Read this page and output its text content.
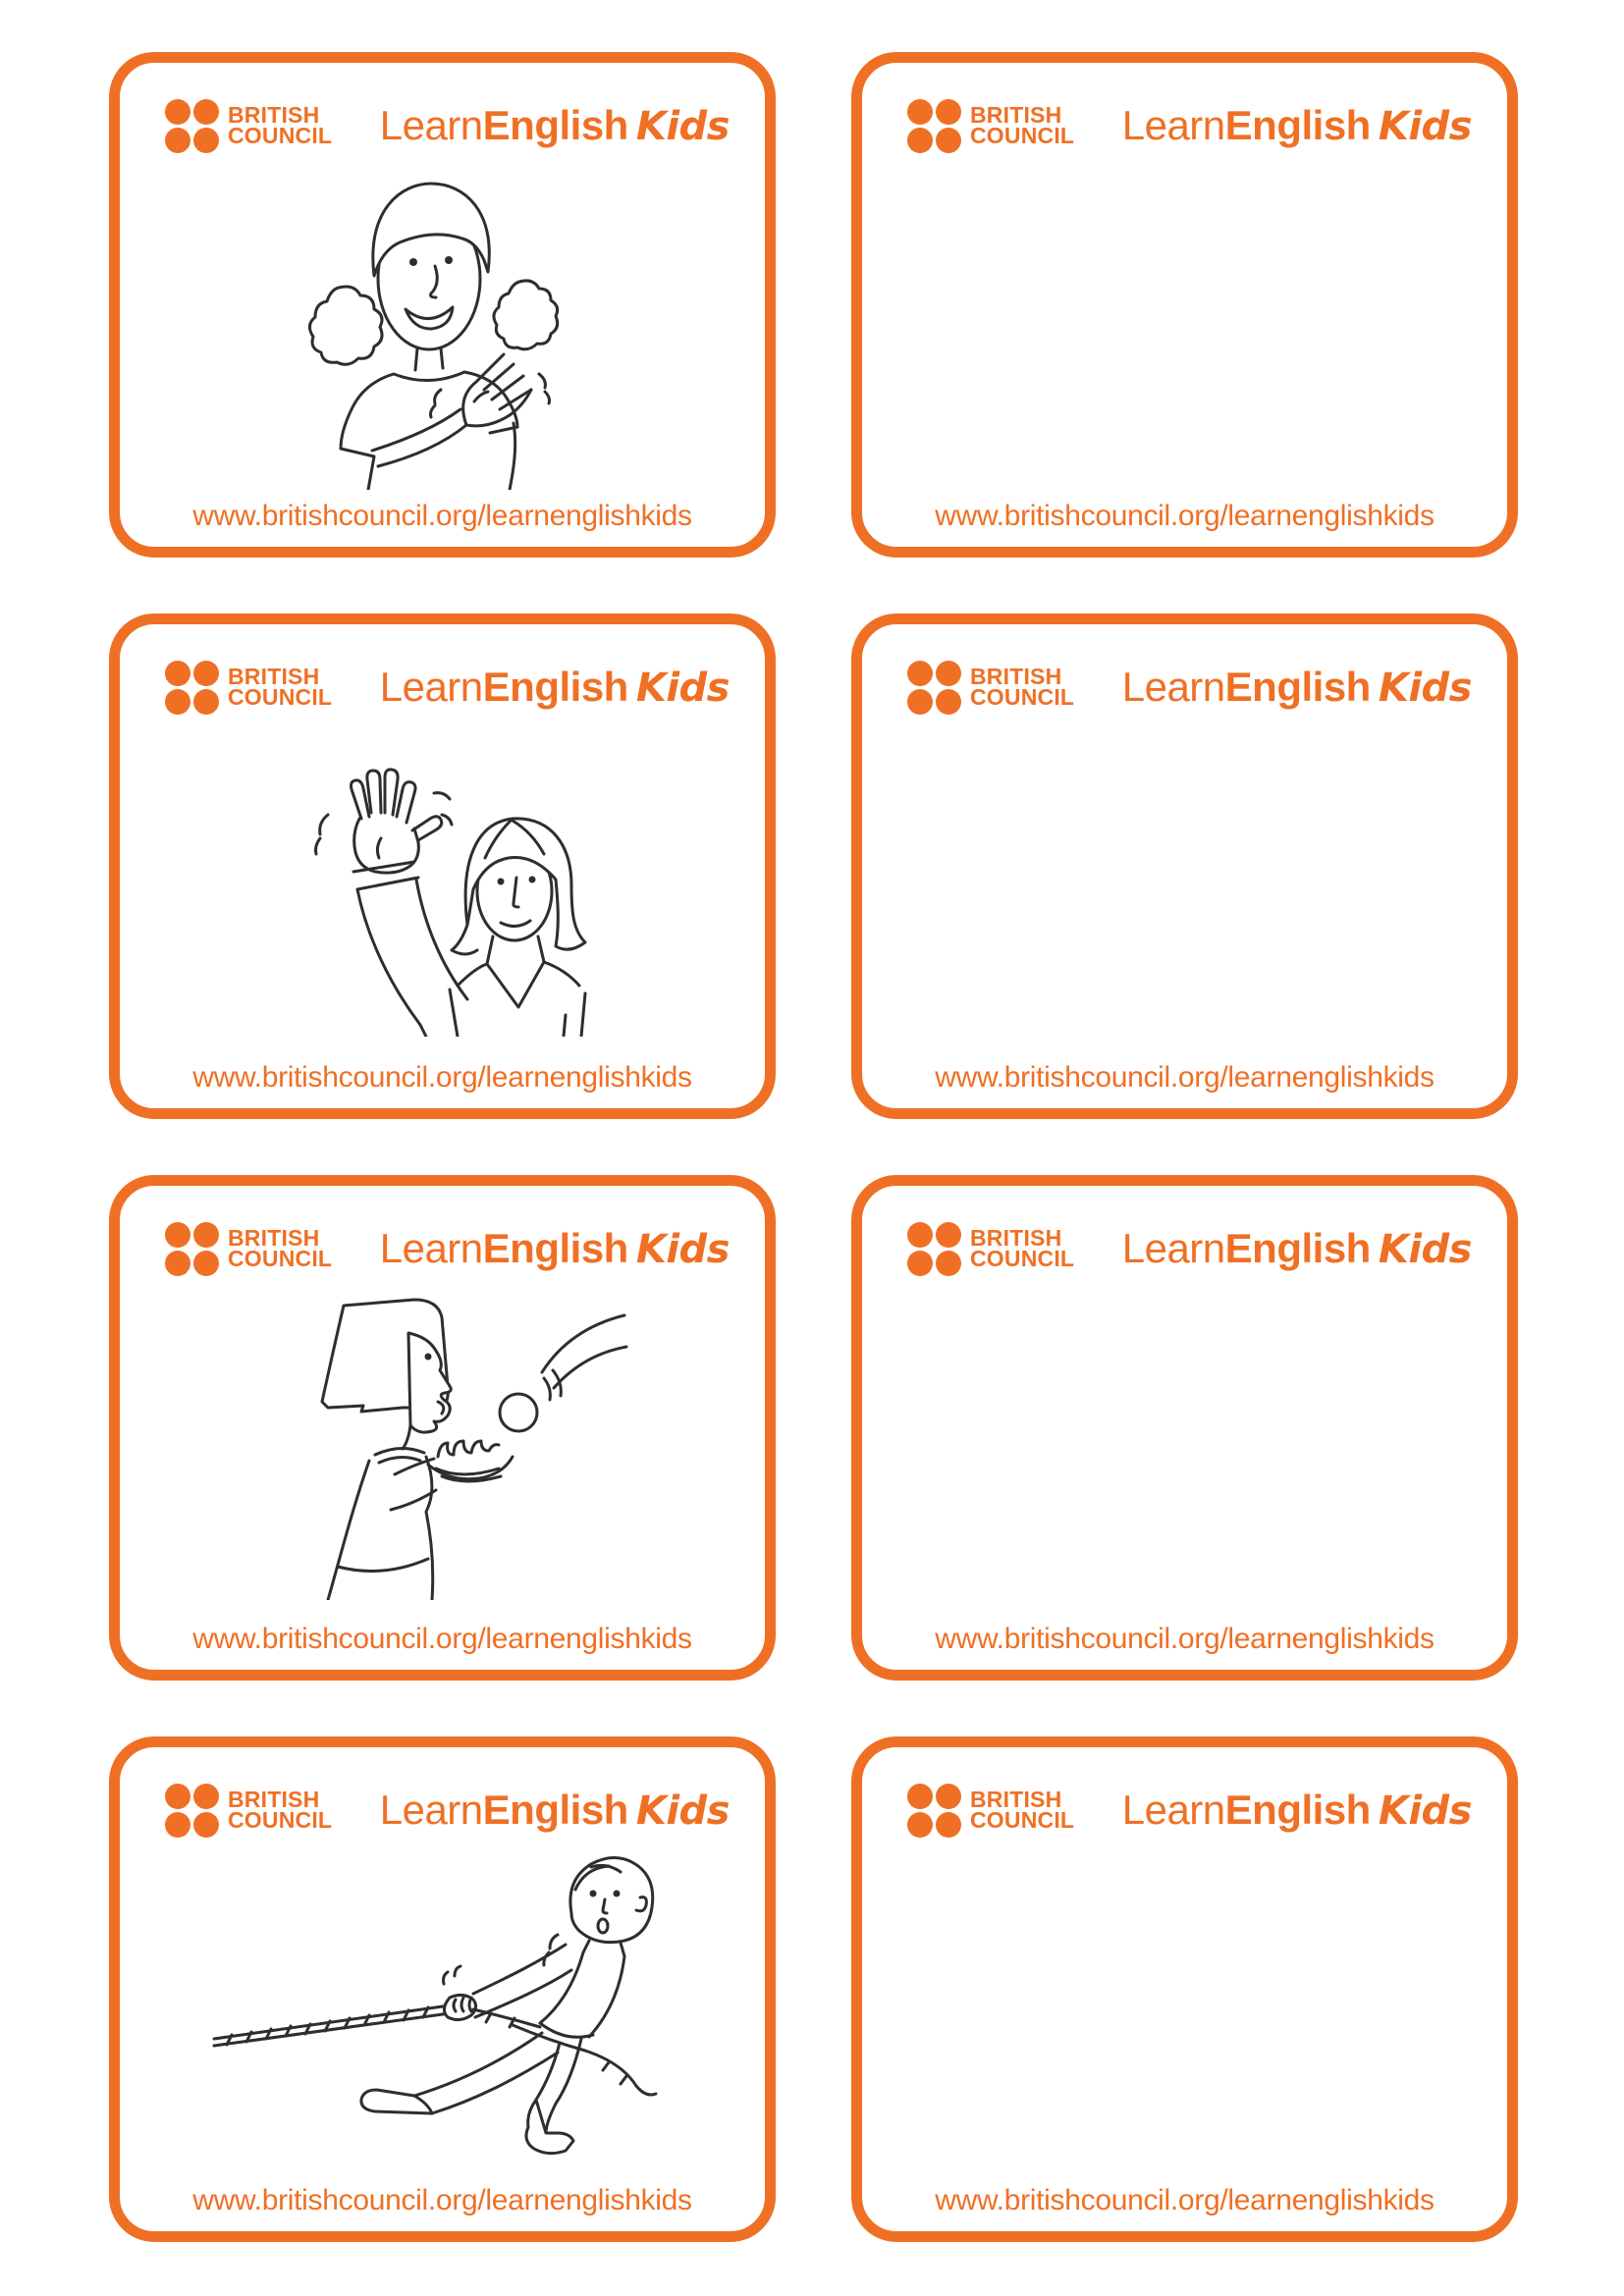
BRITISH
COUNCIL LearnEnglish Kids
www.britishcouncil.org/learnenglishkids
BRITISH
COUNCIL LearnEnglish Kids
www.britishcouncil.org/learnenglishkids
BRITISH
COUNCIL LearnEnglish Kids
www.britishcouncil.org/learnenglishkids
BRITISH
COUNCIL LearnEnglish Kids
www.britishcouncil.org/learnenglishkids
BRITISH
COUNCIL LearnEnglish Kids
www.britishcouncil.org/learnenglishkids
BRITISH
COUNCIL LearnEnglish Kids
www.britishcouncil.org/learnenglishkids
BRITISH
COUNCIL LearnEnglish Kids
www.britishcouncil.org/learnenglishkids
BRITISH
COUNCIL LearnEnglish Kids
www.britishcouncil.org/learnenglishkids
